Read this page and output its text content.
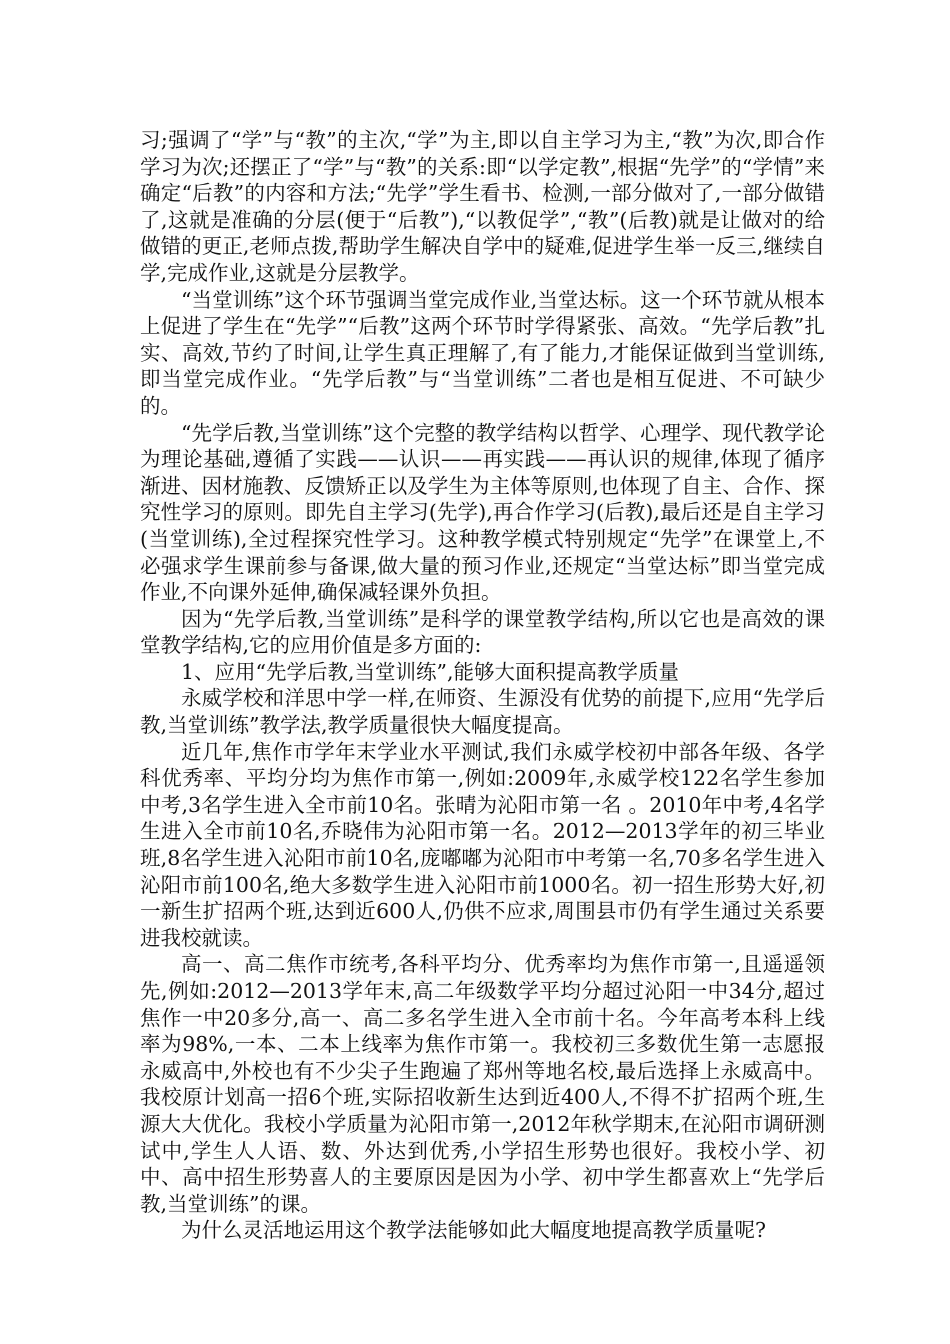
习;强调了“学”与“教”的主次,“学”为主,即以自主学习为主,“教”为次,即合作学习为次;还摆正了“学”与“教”的关系:即“以学定教”,根据“先学”的“学情”来确定“后教”的内容和方法;“先学”学生看书、检测,一部分做对了,一部分做错了,这就是准确的分层(便于“后教”),“以教促学”,“教”(后教)就是让做对的给做错的更正,老师点拨,帮助学生解决自学中的疑难,促进学生举一反三,继续自学,完成作业,这就是分层教学。

“当堂训练”这个环节强调当堂完成作业,当堂达标。这一个环节就从根本上促进了学生在“先学”“后教”这两个环节时学得紧张、高效。“先学后教”扎实、高效,节约了时间,让学生真正理解了,有了能力,才能保证做到当堂训练,即当堂完成作业。“先学后教”与“当堂训练”二者也是相互促进、不可缺少的。

“先学后教,当堂训练”这个完整的教学结构以哲学、心理学、现代教学论为理论基础,遵循了实践——认识——再实践——再认识的规律,体现了循序渐进、因材施教、反馈矫正以及学生为主体等原则,也体现了自主、合作、探究性学习的原则。即先自主学习(先学),再合作学习(后教),最后还是自主学习(当堂训练),全过程探究性学习。这种教学模式特别规定“先学”在课堂上,不必强求学生课前参与备课,做大量的预习作业,还规定“当堂达标”即当堂完成作业,不向课外延伸,确保减轻课外负担。

因为“先学后教,当堂训练”是科学的课堂教学结构,所以它也是高效的课堂教学结构,它的应用价值是多方面的:

1、应用“先学后教,当堂训练”,能够大面积提高教学质量

永威学校和洋思中学一样,在师资、生源没有优势的前提下,应用“先学后教,当堂训练”教学法,教学质量很快大幅度提高。

近几年,焦作市学年末学业水平测试,我们永威学校初中部各年级、各学科优秀率、平均分均为焦作市第一,例如:2009年,永威学校122名学生参加中考,3名学生进入全市前10名。张晴为沁阳市第一名 。2010年中考,4名学生进入全市前10名,乔晓伟为沁阳市第一名。2012—2013学年的初三毕业班,8名学生进入沁阳市前10名,庞嘟嘟为沁阳市中考第一名,70多名学生进入沁阳市前100名,绝大多数学生进入沁阳市前1000名。初一招生形势大好,初一新生扩招两个班,达到近600人,仍供不应求,周围县市仍有学生通过关系要进我校就读。

高一、高二焦作市统考,各科平均分、优秀率均为焦作市第一,且遥遥领先,例如:2012—2013学年末,高二年级数学平均分超过沁阳一中34分,超过焦作一中20多分,高一、高二多名学生进入全市前十名。今年高考本科上线率为98%,一本、二本上线率为焦作市第一。我校初三多数优生第一志愿报永威高中,外校也有不少尖子生跑遍了郑州等地名校,最后选择上永威高中。我校原计划高一招6个班,实际招收新生达到近400人,不得不扩招两个班,生源大大优化。我校小学质量为沁阳市第一,2012年秋学期末,在沁阳市调研测试中,学生人人语、数、外达到优秀,小学招生形势也很好。我校小学、初中、高中招生形势喜人的主要原因是因为小学、初中学生都喜欢上“先学后教,当堂训练”的课。

为什么灵活地运用这个教学法能够如此大幅度地提高教学质量呢?
